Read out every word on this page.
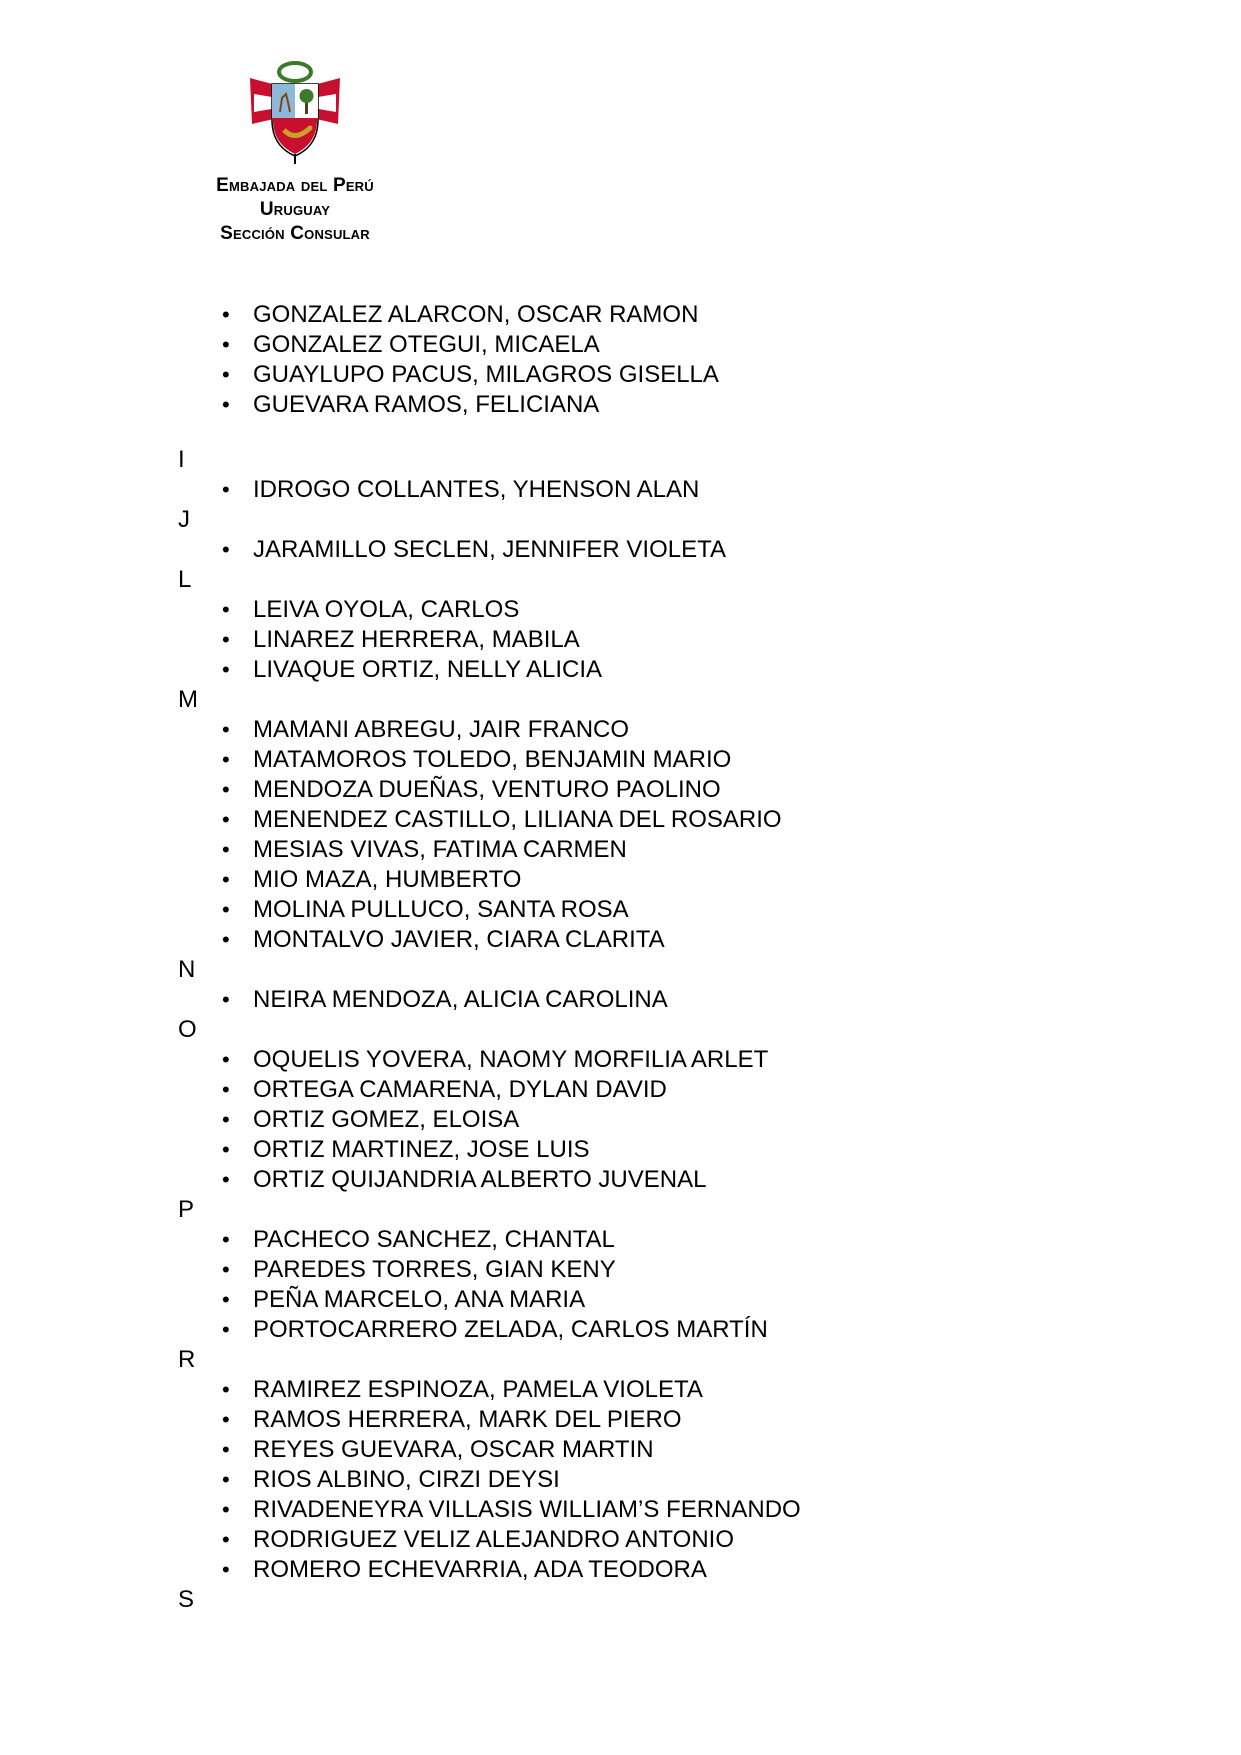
Embajada del Perú
Uruguay
Sección Consular
• GONZALEZ ALARCON, OSCAR RAMON
• GONZALEZ OTEGUI, MICAELA
• GUAYLUPO PACUS, MILAGROS GISELLA
• GUEVARA RAMOS, FELICIANA
I
• IDROGO COLLANTES, YHENSON ALAN
J
• JARAMILLO SECLEN, JENNIFER VIOLETA
L
• LEIVA OYOLA, CARLOS
• LINAREZ HERRERA, MABILA
• LIVAQUE ORTIZ, NELLY ALICIA
M
• MAMANI ABREGU, JAIR FRANCO
• MATAMOROS TOLEDO, BENJAMIN MARIO
• MENDOZA DUEÑAS, VENTURO PAOLINO
• MENENDEZ CASTILLO, LILIANA DEL ROSARIO
• MESIAS VIVAS, FATIMA CARMEN
• MIO MAZA, HUMBERTO
• MOLINA PULLUCO, SANTA ROSA
• MONTALVO JAVIER, CIARA CLARITA
N
• NEIRA MENDOZA, ALICIA CAROLINA
O
• OQUELIS YOVERA, NAOMY MORFILIA ARLET
• ORTEGA CAMARENA, DYLAN DAVID
• ORTIZ GOMEZ, ELOISA
• ORTIZ MARTINEZ, JOSE LUIS
• ORTIZ QUIJANDRIA ALBERTO JUVENAL
P
• PACHECO SANCHEZ, CHANTAL
• PAREDES TORRES, GIAN KENY
• PEÑA MARCELO, ANA MARIA
• PORTOCARRERO ZELADA, CARLOS MARTÍN
R
• RAMIREZ ESPINOZA, PAMELA VIOLETA
• RAMOS HERRERA, MARK DEL PIERO
• REYES GUEVARA, OSCAR MARTIN
• RIOS ALBINO, CIRZI DEYSI
• RIVADENEYRA VILLASIS WILLIAM’S FERNANDO
• RODRIGUEZ VELIZ ALEJANDRO ANTONIO
• ROMERO ECHEVARRIA, ADA TEODORA
S
